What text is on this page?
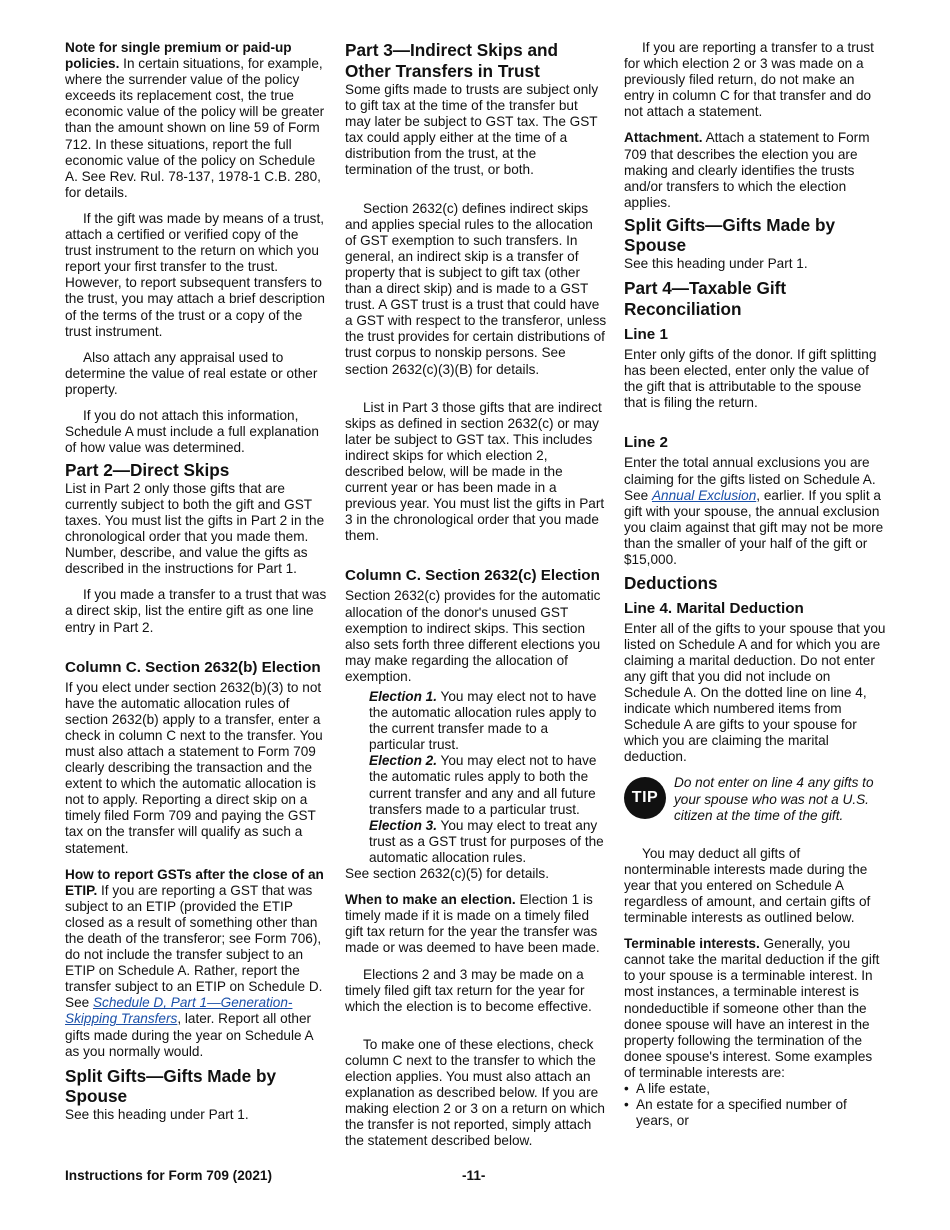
Note for single premium or paid-up policies. In certain situations, for example, where the surrender value of the policy exceeds its replacement cost, the true economic value of the policy will be greater than the amount shown on line 59 of Form 712. In these situations, report the full economic value of the policy on Schedule A. See Rev. Rul. 78-137, 1978-1 C.B. 280, for details.

If the gift was made by means of a trust, attach a certified or verified copy of the trust instrument to the return on which you report your first transfer to the trust. However, to report subsequent transfers to the trust, you may attach a brief description of the terms of the trust or a copy of the trust instrument.

Also attach any appraisal used to determine the value of real estate or other property.

If you do not attach this information, Schedule A must include a full explanation of how value was determined.

Part 2—Direct Skips

List in Part 2 only those gifts that are currently subject to both the gift and GST taxes. You must list the gifts in Part 2 in the chronological order that you made them. Number, describe, and value the gifts as described in the instructions for Part 1.

If you made a transfer to a trust that was a direct skip, list the entire gift as one line entry in Part 2.

Column C. Section 2632(b) Election

If you elect under section 2632(b)(3) to not have the automatic allocation rules of section 2632(b) apply to a transfer, enter a check in column C next to the transfer. You must also attach a statement to Form 709 clearly describing the transaction and the extent to which the automatic allocation is not to apply. Reporting a direct skip on a timely filed Form 709 and paying the GST tax on the transfer will qualify as such a statement.

How to report GSTs after the close of an ETIP. If you are reporting a GST that was subject to an ETIP (provided the ETIP closed as a result of something other than the death of the transferor; see Form 706), do not include the transfer subject to an ETIP on Schedule A. Rather, report the transfer subject to an ETIP on Schedule D. See Schedule D, Part 1—Generation-Skipping Transfers, later. Report all other gifts made during the year on Schedule A as you normally would.

Split Gifts—Gifts Made by Spouse

See this heading under Part 1.

Part 3—Indirect Skips and Other Transfers in Trust

Some gifts made to trusts are subject only to gift tax at the time of the transfer but may later be subject to GST tax. The GST tax could apply either at the time of a distribution from the trust, at the termination of the trust, or both.

Section 2632(c) defines indirect skips and applies special rules to the allocation of GST exemption to such transfers. In general, an indirect skip is a transfer of property that is subject to gift tax (other than a direct skip) and is made to a GST trust. A GST trust is a trust that could have a GST with respect to the transferor, unless the trust provides for certain distributions of trust corpus to nonskip persons. See section 2632(c)(3)(B) for details.

List in Part 3 those gifts that are indirect skips as defined in section 2632(c) or may later be subject to GST tax. This includes indirect skips for which election 2, described below, will be made in the current year or has been made in a previous year. You must list the gifts in Part 3 in the chronological order that you made them.

Column C. Section 2632(c) Election

Section 2632(c) provides for the automatic allocation of the donor's unused GST exemption to indirect skips. This section also sets forth three different elections you may make regarding the allocation of exemption.

Election 1. You may elect not to have the automatic allocation rules apply to the current transfer made to a particular trust.

Election 2. You may elect not to have the automatic rules apply to both the current transfer and any and all future transfers made to a particular trust.

Election 3. You may elect to treat any trust as a GST trust for purposes of the automatic allocation rules.

See section 2632(c)(5) for details.

When to make an election. Election 1 is timely made if it is made on a timely filed gift tax return for the year the transfer was made or was deemed to have been made.

Elections 2 and 3 may be made on a timely filed gift tax return for the year for which the election is to become effective.

To make one of these elections, check column C next to the transfer to which the election applies. You must also attach an explanation as described below. If you are making election 2 or 3 on a return on which the transfer is not reported, simply attach the statement described below.

If you are reporting a transfer to a trust for which election 2 or 3 was made on a previously filed return, do not make an entry in column C for that transfer and do not attach a statement.

Attachment. Attach a statement to Form 709 that describes the election you are making and clearly identifies the trusts and/or transfers to which the election applies.

Split Gifts—Gifts Made by Spouse

See this heading under Part 1.

Part 4—Taxable Gift Reconciliation
Line 1

Enter only gifts of the donor. If gift splitting has been elected, enter only the value of the gift that is attributable to the spouse that is filing the return.

Line 2

Enter the total annual exclusions you are claiming for the gifts listed on Schedule A. See Annual Exclusion, earlier. If you split a gift with your spouse, the annual exclusion you claim against that gift may not be more than the smaller of your half of the gift or $15,000.

Deductions
Line 4. Marital Deduction

Enter all of the gifts to your spouse that you listed on Schedule A and for which you are claiming a marital deduction. Do not enter any gift that you did not include on Schedule A. On the dotted line on line 4, indicate which numbered items from Schedule A are gifts to your spouse for which you are claiming the marital deduction.

TIP

Do not enter on line 4 any gifts to your spouse who was not a U.S. citizen at the time of the gift.

You may deduct all gifts of nonterminable interests made during the year that you entered on Schedule A regardless of amount, and certain gifts of terminable interests as outlined below.

Terminable interests. Generally, you cannot take the marital deduction if the gift to your spouse is a terminable interest. In most instances, a terminable interest is nondeductible if someone other than the donee spouse will have an interest in the property following the termination of the donee spouse's interest. Some examples of terminable interests are:

• A life estate,
• An estate for a specified number of years, or
Instructions for Form 709 (2021)	-11-
